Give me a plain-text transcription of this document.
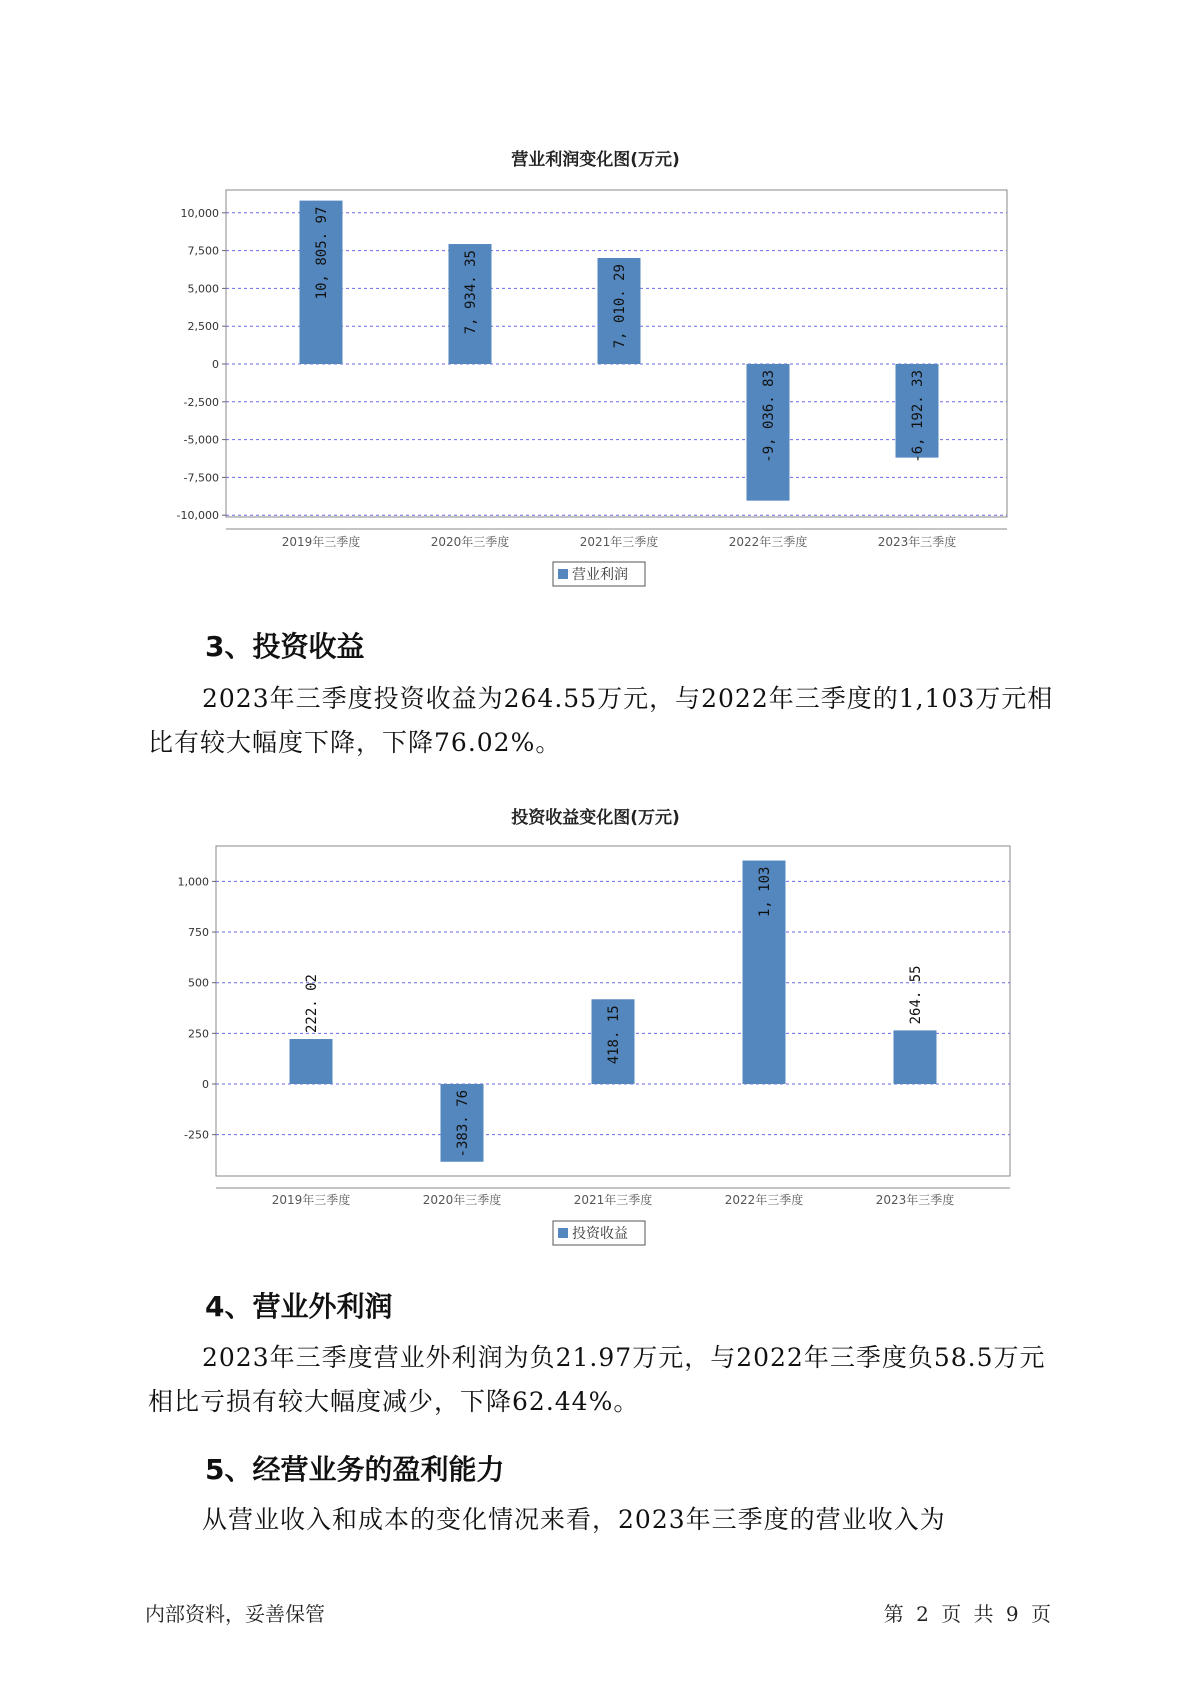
营业利润变化图(万元)
10,000
7,500
5,000
2,500
0
-2,500
-5,000
-7,500
-10,000
2019年三季度
10, 805. 97
2020年三季度
7, 934. 35
2021年三季度
7, 010. 29
2022年三季度
-9, 036. 83
2023年三季度
-6, 192. 33
营业利润
3、投资收益

2023年三季度投资收益为264.55万元，与2022年三季度的1,103万元相比有较大幅度下降，下降76.02%。

投资收益变化图(万元)
1,000
750
500
250
0
-250
2019年三季度
222. 02
2020年三季度
-383. 76
2021年三季度
418. 15
2022年三季度
1, 103
2023年三季度
264. 55
投资收益
4、营业外利润

2023年三季度营业外利润为负21.97万元，与2022年三季度负58.5万元相比亏损有较大幅度减少，下降62.44%。

5、经营业务的盈利能力

从营业收入和成本的变化情况来看，2023年三季度的营业收入为

内部资料，妥善保管	第 2 页 共 9 页
